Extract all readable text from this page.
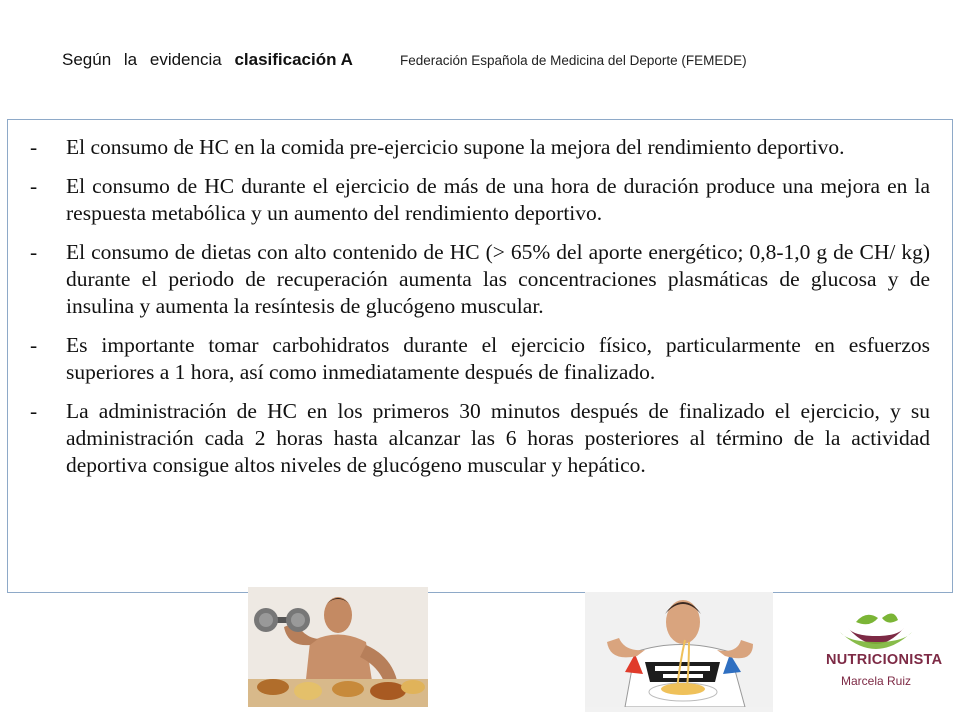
Según la evidencia clasificación A	Federación Española de Medicina del Deporte (FEMEDE)
- El consumo de HC en la comida pre-ejercicio supone la mejora del rendimiento deportivo.
- El consumo de HC durante el ejercicio de más de una hora de duración produce una mejora en la respuesta metabólica y un aumento del rendimiento deportivo.
- El consumo de dietas con alto contenido de HC (> 65% del aporte energético; 0,8-1,0 g de CH/ kg) durante el periodo de recuperación aumenta las concentraciones plasmáticas de glucosa y de insulina y aumenta la resíntesis de glucógeno muscular.
- Es importante tomar carbohidratos durante el ejercicio físico, particularmente en esfuerzos superiores a 1 hora, así como inmediatamente después de finalizado.
- La administración de HC en los primeros 30 minutos después de finalizado el ejercicio, y su administración cada 2 horas hasta alcanzar las 6 horas posteriores al término de la actividad deportiva consigue altos niveles de glucógeno muscular y hepático.
NUTRICIONISTA
Marcela Ruiz
